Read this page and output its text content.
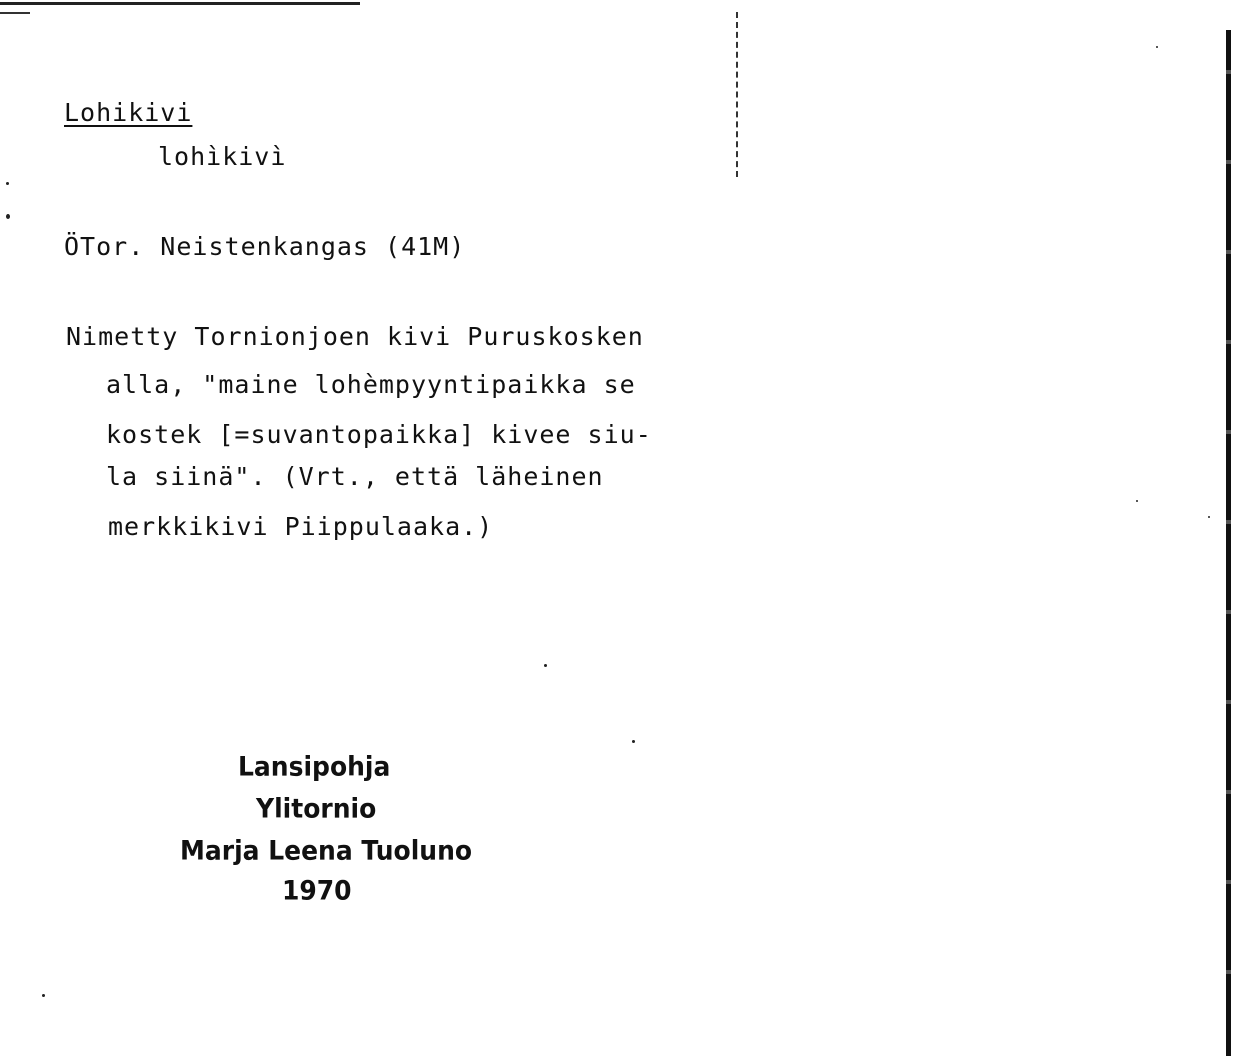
Lohikivi
lohìkivì
ÖTor. Neistenkangas (41M)
Nimetty Tornionjoen kivi Puruskosken
alla, "maine lohèmpyyntipaikka se
kostek [=suvantopaikka] kivee siu-
la siinä". (Vrt., että läheinen
merkkikivi Piippulaaka.)
Lansipohja
Ylitornio
Marja Leena Tuoluno
1970
